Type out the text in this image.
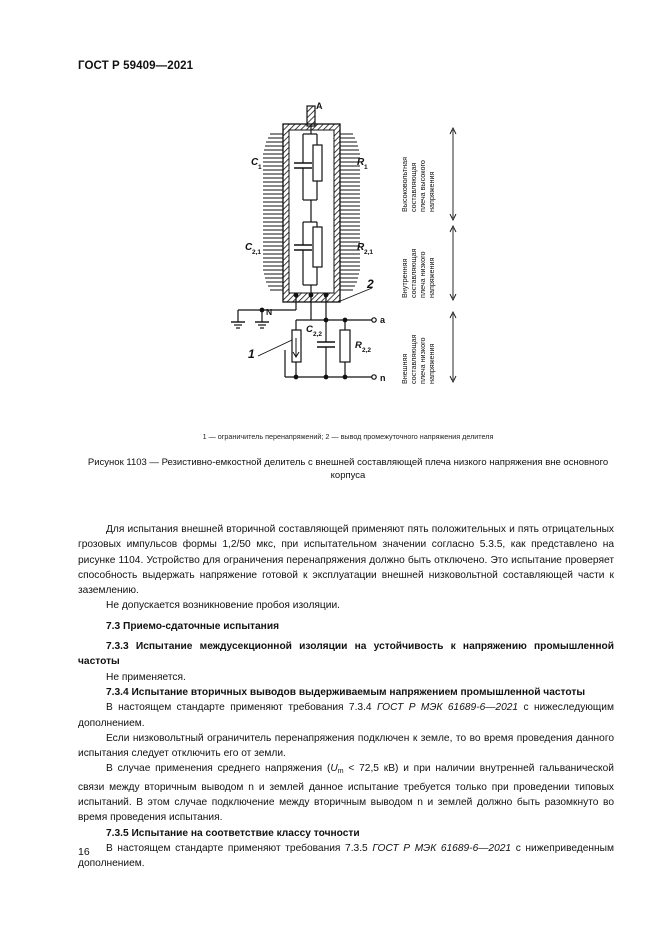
ГОСТ Р 59409—2021
A
C 1	R 1
C 2,1	R 2,1
C 2,2
R 2,2
N
a
n
1
2
Высоковольтная составляющая плеча высокого напряжения
Внутренняя составляющая плеча низкого напряжения
Внешняя составляющая плеча низкого напряжения
1 — ограничитель перенапряжений; 2 — вывод промежуточного напряжения делителя
Рисунок 1103 — Резистивно-емкостной делитель с внешней составляющей плеча низкого напряжения вне основного корпуса

Для испытания внешней вторичной составляющей применяют пять положительных и пять отрицательных грозовых импульсов формы 1,2/50 мкс, при испытательном значении согласно 5.3.5, как представлено на рисунке 1104. Устройство для ограничения перенапряжения должно быть отключено. Это испытание проверяет способность выдержать напряжение готовой к эксплуатации внешней низковольтной составляющей части к заземлению.

Не допускается возникновение пробоя изоляции.

7.3 Приемо-сдаточные испытания
7.3.3 Испытание междусекционной изоляции на устойчивость к напряжению промышленной частоты

Не применяется.

7.3.4 Испытание вторичных выводов выдерживаемым напряжением промышленной частоты

В настоящем стандарте применяют требования 7.3.4 ГОСТ Р МЭК 61689-6—2021 с нижеследующим дополнением.

Если низковольтный ограничитель перенапряжения подключен к земле, то во время проведения данного испытания следует отключить его от земли.

В случае применения среднего напряжения ($U_m < 72,5$ кВ) и при наличии внутренней гальванической связи между вторичным выводом n и землей данное испытание требуется только при проведении типовых испытаний. В этом случае подключение между вторичным выводом n и землей должно быть разомкнуто во время проведения испытания.

7.3.5 Испытание на соответствие классу точности

В настоящем стандарте применяют требования 7.3.5 ГОСТ Р МЭК 61689-6—2021 с нижеприведенным дополнением.

16
